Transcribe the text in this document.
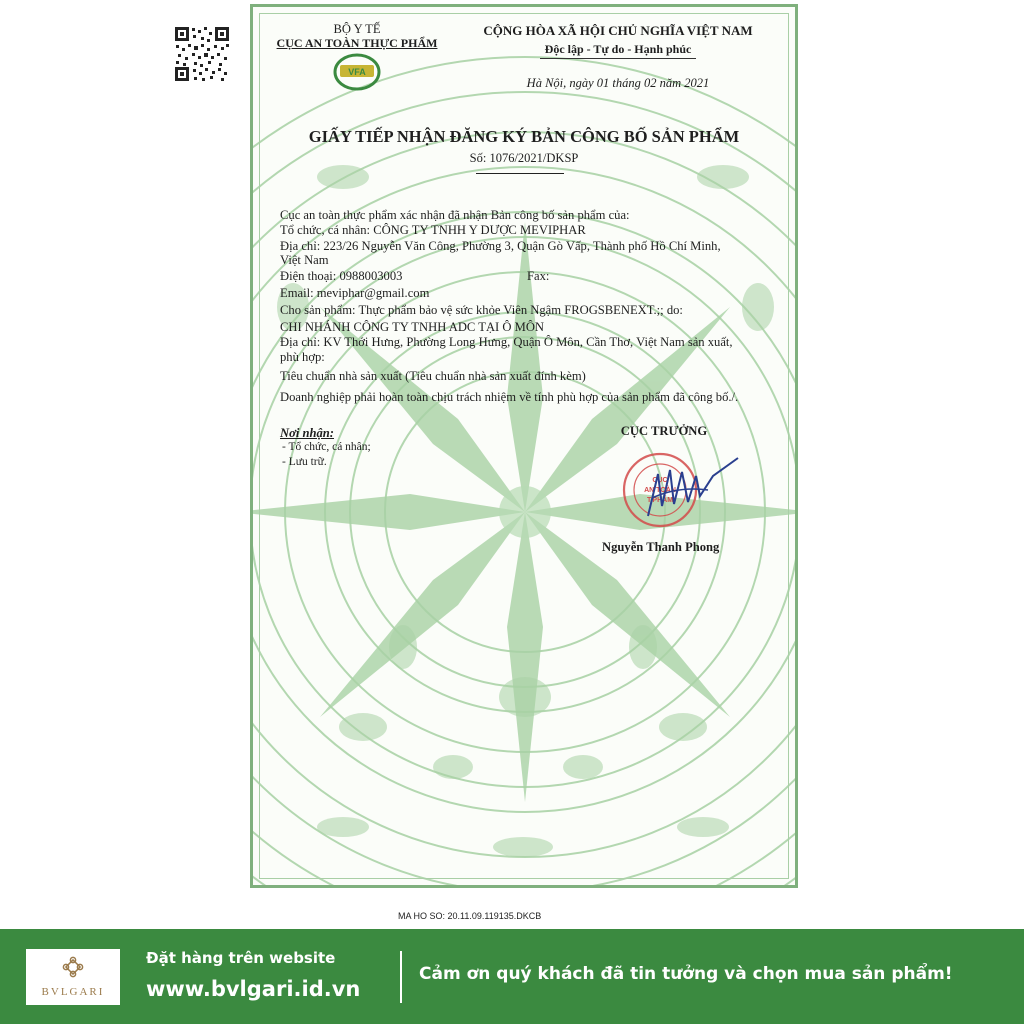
BỘ Y TẾ
CỤC AN TOÀN THỰC PHẨM
VFA
CỘNG HÒA XÃ HỘI CHỦ NGHĨA VIỆT NAM
Độc lập - Tự do - Hạnh phúc
Hà Nội, ngày 01 tháng 02 năm 2021
GIẤY TIẾP NHẬN ĐĂNG KÝ BẢN CÔNG BỐ SẢN PHẨM
Số: 1076/2021/DKSP
Cục an toàn thực phẩm xác nhận đã nhận Bản công bố sản phẩm của:
Tổ chức, cá nhân: CÔNG TY TNHH Y DƯỢC MEVIPHAR
Địa chỉ: 223/26 Nguyễn Văn Công, Phường 3, Quận Gò Vấp, Thành phố Hồ Chí Minh,
Việt Nam
Điện thoại: 0988003003	Fax:
Email: meviphar@gmail.com
Cho sản phẩm: Thực phẩm bảo vệ sức khỏe Viên Ngậm FROGSBENEXT.;; do:
CHI NHÁNH CÔNG TY TNHH ADC TẠI Ô MÔN
Địa chỉ: KV Thới Hưng, Phường Long Hưng, Quận Ô Môn, Cần Thơ, Việt Nam sản xuất,
phù hợp:
Tiêu chuẩn nhà sản xuất (Tiêu chuẩn nhà sản xuất đính kèm)
Doanh nghiệp phải hoàn toàn chịu trách nhiệm về tính phù hợp của sản phẩm đã công bố./.
Nơi nhận:
- Tổ chức, cá nhân;
- Lưu trữ.
CỤC TRƯỞNG
CỤC
AN TOÀN
T.PHẨM
Nguyễn Thanh Phong
MA HO SO: 20.11.09.119135.DKCB
BVLGARI
Đặt hàng trên website
www.bvlgari.id.vn
Cảm ơn quý khách đã tin tưởng và chọn mua sản phẩm!
